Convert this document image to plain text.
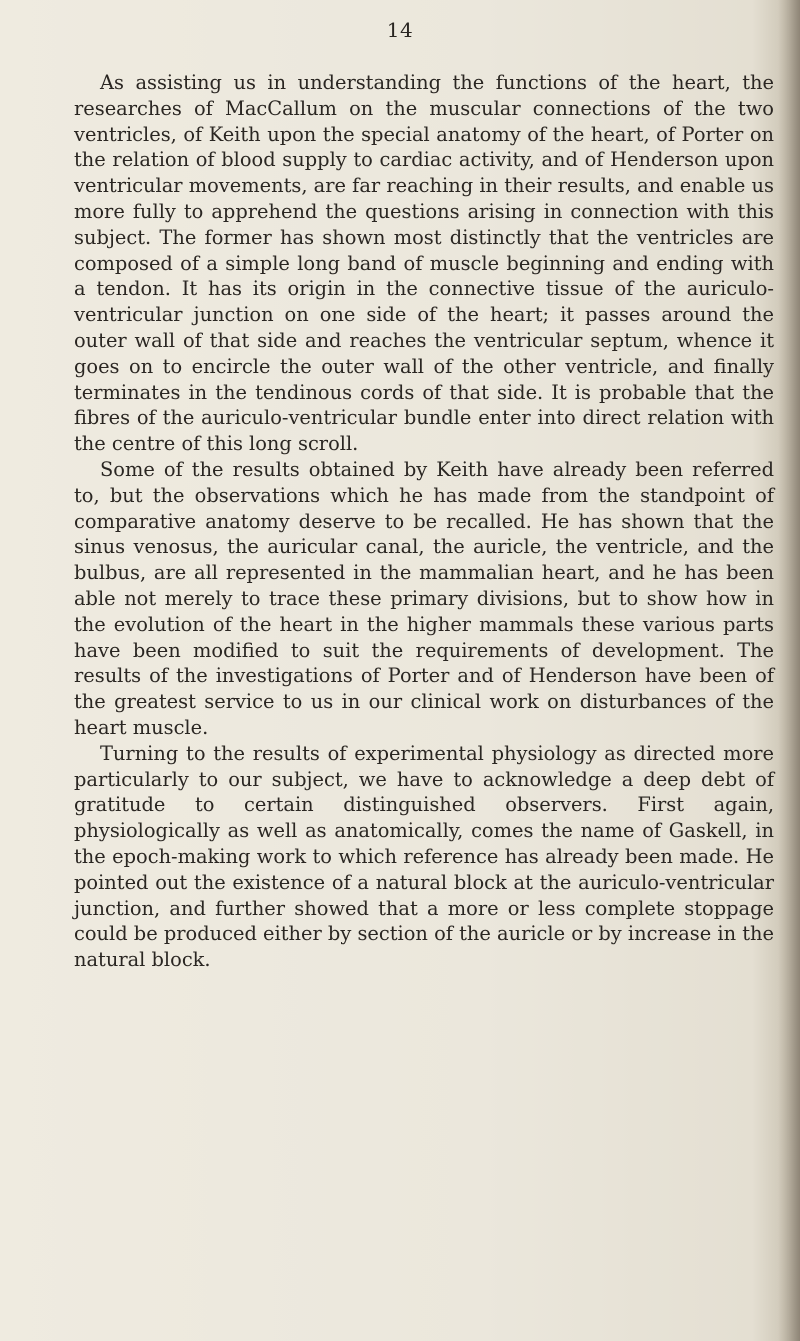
14

As assisting us in understanding the functions of the heart, the researches of MacCallum on the muscular connections of the two ventricles, of Keith upon the special anatomy of the heart, of Porter on the relation of blood supply to cardiac activity, and of Henderson upon ventricular movements, are far reaching in their results, and enable us more fully to apprehend the questions arising in connection with this subject. The former has shown most distinctly that the ventricles are composed of a simple long band of muscle beginning and ending with a tendon. It has its origin in the connective tissue of the auriculo-ventricular junction on one side of the heart; it passes around the outer wall of that side and reaches the ventricular septum, whence it goes on to encircle the outer wall of the other ventricle, and finally terminates in the tendinous cords of that side. It is probable that the fibres of the auriculo-ventricular bundle enter into direct relation with the centre of this long scroll.

Some of the results obtained by Keith have already been referred to, but the observations which he has made from the standpoint of comparative anatomy deserve to be recalled. He has shown that the sinus venosus, the auricular canal, the auricle, the ventricle, and the bulbus, are all represented in the mammalian heart, and he has been able not merely to trace these primary divisions, but to show how in the evolution of the heart in the higher mammals these various parts have been modified to suit the requirements of development. The results of the investigations of Porter and of Henderson have been of the greatest service to us in our clinical work on disturbances of the heart muscle.

Turning to the results of experimental physiology as directed more particularly to our subject, we have to acknowledge a deep debt of gratitude to certain distinguished observers. First again, physiologically as well as anatomically, comes the name of Gaskell, in the epoch-making work to which reference has already been made. He pointed out the existence of a natural block at the auriculo-ventricular junction, and further showed that a more or less complete stoppage could be produced either by section of the auricle or by increase in the natural block.
